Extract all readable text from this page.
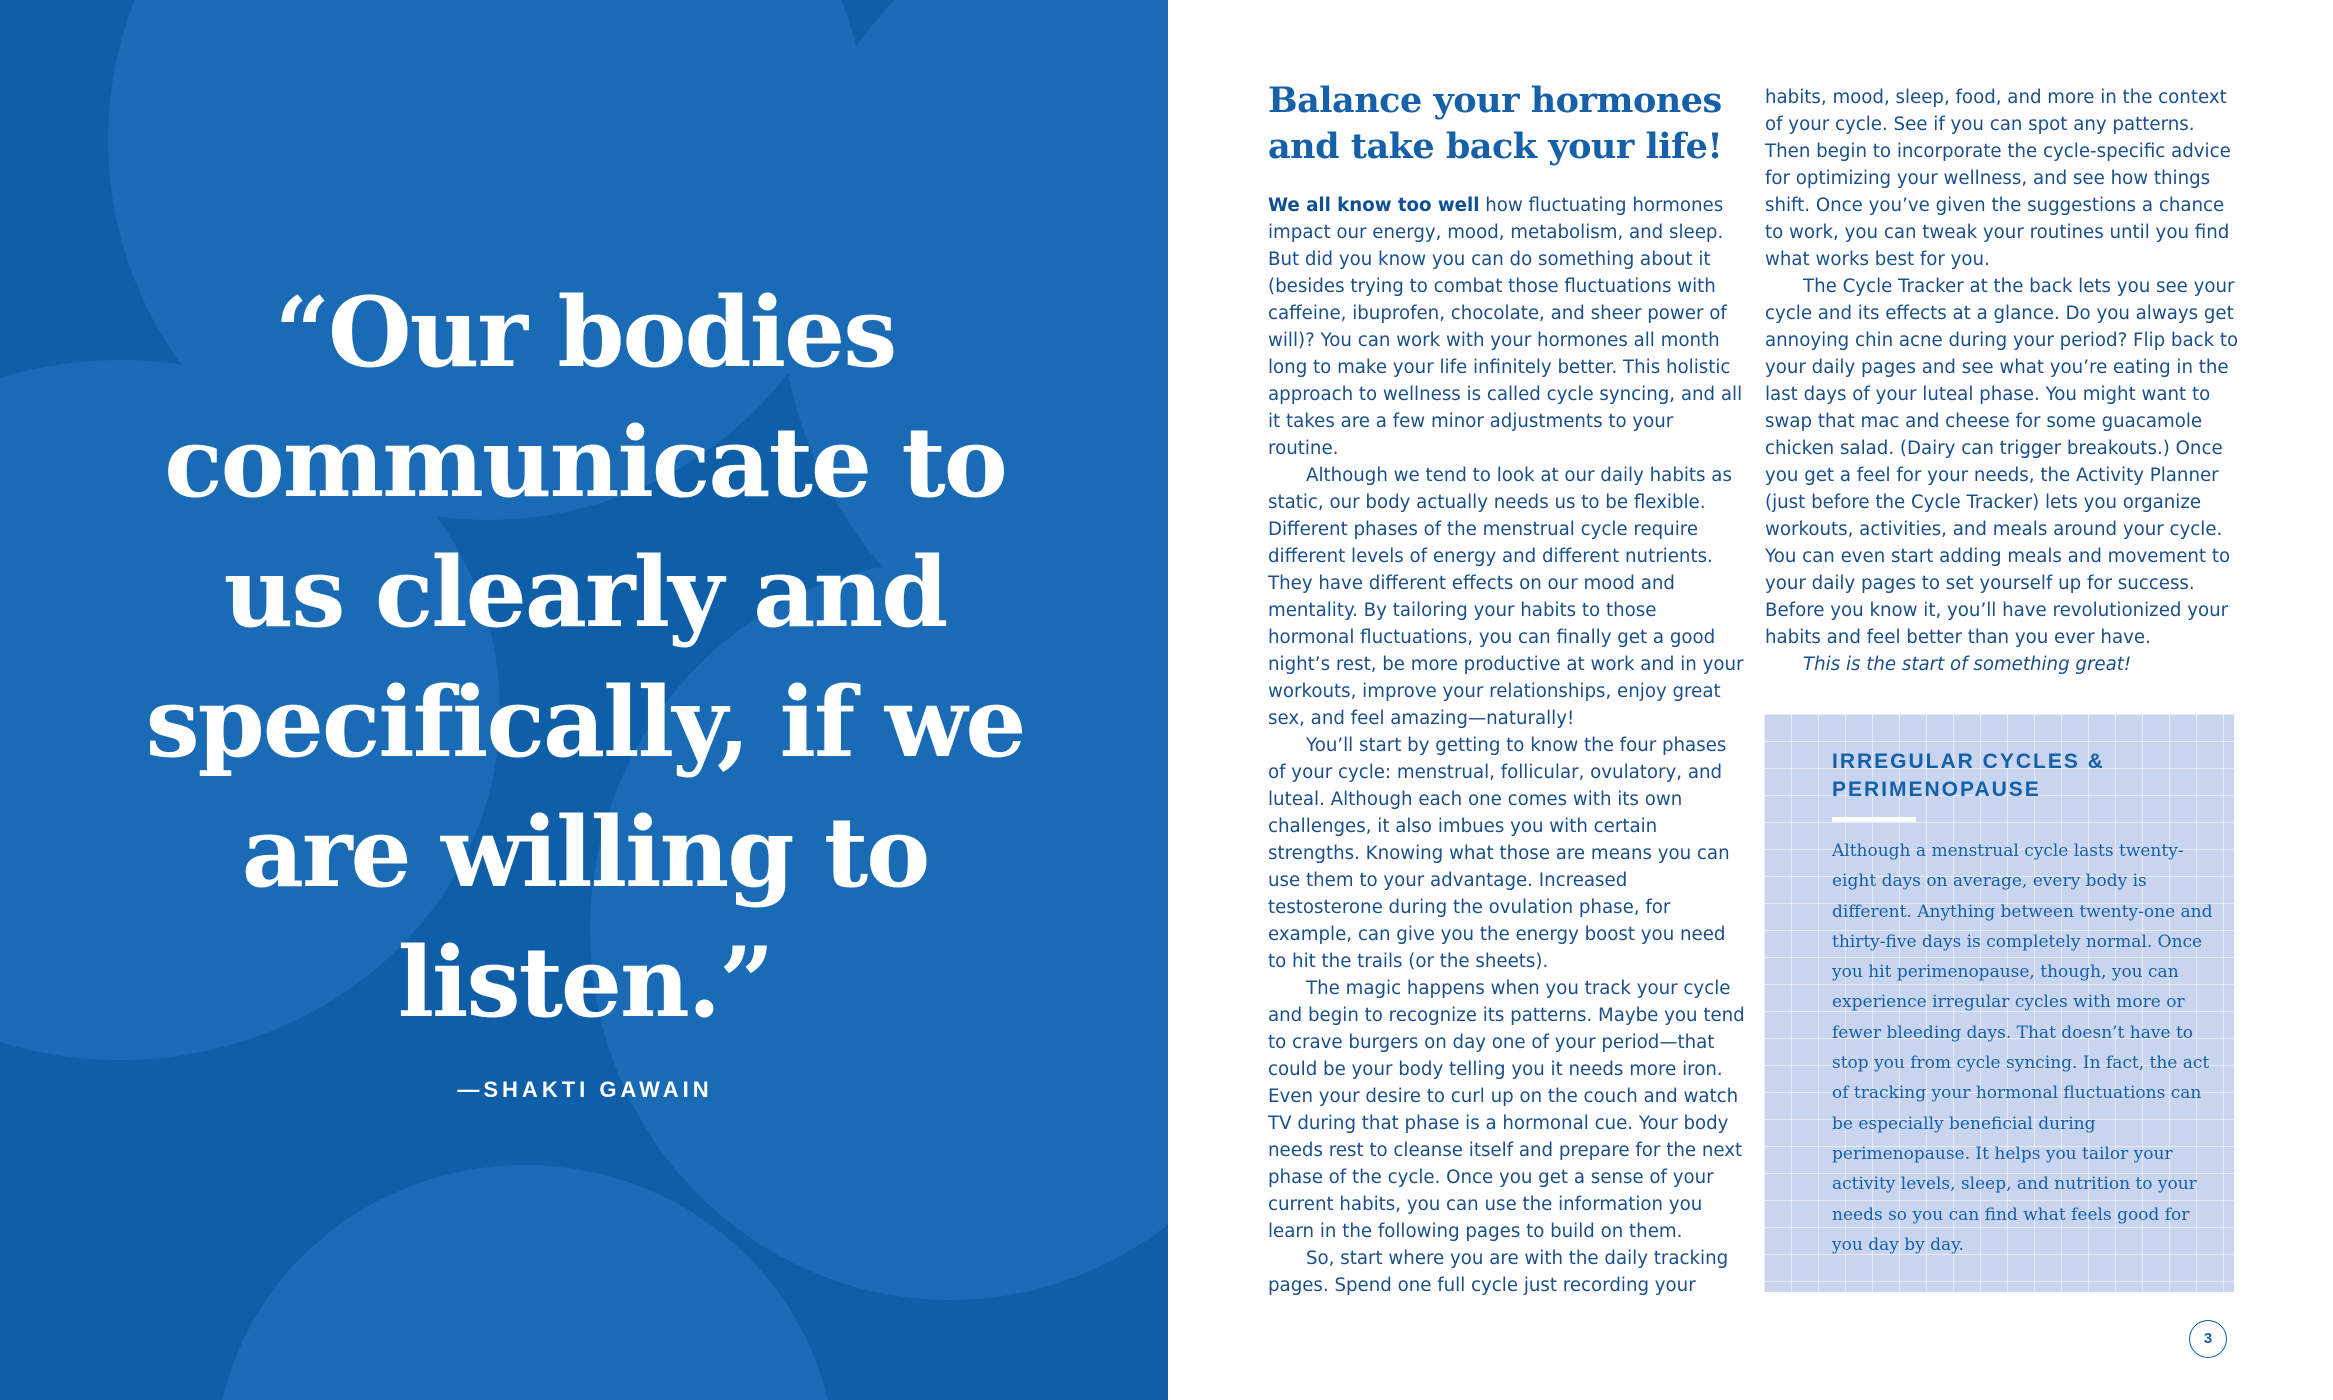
“Our bodies communicate to us clearly and specifically, if we are willing to listen.”

—SHAKTI GAWAIN

Balance your hormones and take back your life!

We all know too well how fluctuating hormones impact our energy, mood, metabolism, and sleep. But did you know you can do something about it (besides trying to combat those fluctuations with caffeine, ibuprofen, chocolate, and sheer power of will)? You can work with your hormones all month long to make your life infinitely better. This holistic approach to wellness is called cycle syncing, and all it takes are a few minor adjustments to your routine.

Although we tend to look at our daily habits as static, our body actually needs us to be flexible. Different phases of the menstrual cycle require different levels of energy and different nutrients. They have different effects on our mood and mentality. By tailoring your habits to those hormonal fluctuations, you can finally get a good night’s rest, be more productive at work and in your workouts, improve your relationships, enjoy great sex, and feel amazing—naturally!

You’ll start by getting to know the four phases of your cycle: menstrual, follicular, ovulatory, and luteal. Although each one comes with its own challenges, it also imbues you with certain strengths. Knowing what those are means you can use them to your advantage. Increased testosterone during the ovulation phase, for example, can give you the energy boost you need to hit the trails (or the sheets).

The magic happens when you track your cycle and begin to recognize its patterns. Maybe you tend to crave burgers on day one of your period—that could be your body telling you it needs more iron. Even your desire to curl up on the couch and watch TV during that phase is a hormonal cue. Your body needs rest to cleanse itself and prepare for the next phase of the cycle. Once you get a sense of your current habits, you can use the information you learn in the following pages to build on them.

So, start where you are with the daily tracking pages. Spend one full cycle just recording your

habits, mood, sleep, food, and more in the context of your cycle. See if you can spot any patterns. Then begin to incorporate the cycle-specific advice for optimizing your wellness, and see how things shift. Once you’ve given the suggestions a chance to work, you can tweak your routines until you find what works best for you.

The Cycle Tracker at the back lets you see your cycle and its effects at a glance. Do you always get annoying chin acne during your period? Flip back to your daily pages and see what you’re eating in the last days of your luteal phase. You might want to swap that mac and cheese for some guacamole chicken salad. (Dairy can trigger breakouts.) Once you get a feel for your needs, the Activity Planner (just before the Cycle Tracker) lets you organize workouts, activities, and meals around your cycle. You can even start adding meals and movement to your daily pages to set yourself up for success. Before you know it, you’ll have revolutionized your habits and feel better than you ever have.

This is the start of something great!

IRREGULAR CYCLES & PERIMENOPAUSE

Although a menstrual cycle lasts twenty-eight days on average, every body is different. Anything between twenty-one and thirty-five days is completely normal. Once you hit perimenopause, though, you can experience irregular cycles with more or fewer bleeding days. That doesn’t have to stop you from cycle syncing. In fact, the act of tracking your hormonal fluctuations can be especially beneficial during perimenopause. It helps you tailor your activity levels, sleep, and nutrition to your needs so you can find what feels good for you day by day.

3
